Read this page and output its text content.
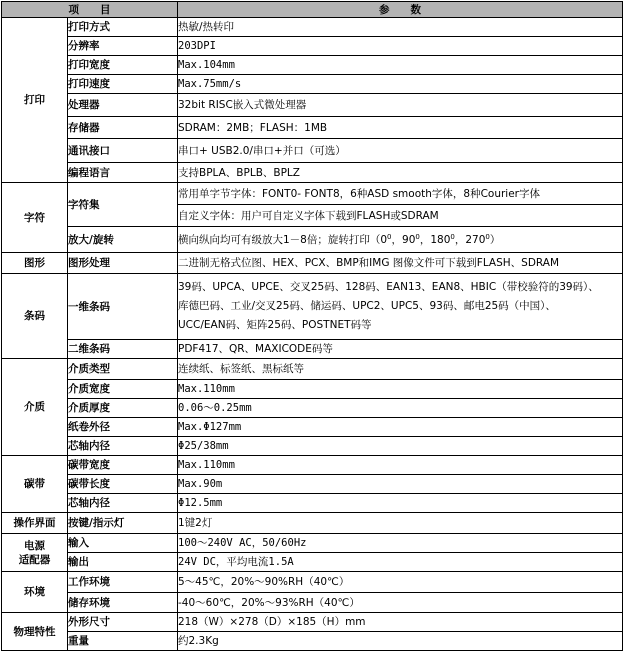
项　　目		参　　数
打印	打印方式	热敏/热转印
	分辨率	203DPI
	打印宽度	Max.104mm
	打印速度	Max.75mm/s
	处理器	32bit RISC嵌入式微处理器
	存储器	SDRAM：2MB；FLASH：1MB
	通讯接口	串口+ USB2.0/串口+并口（可选）
	编程语言	支持BPLA、BPLB、BPLZ
字符	字符集	常用单字节字体：FONT0- FONT8，6种ASD smooth字体，8种Courier字体
		自定义字体：用户可自定义字体下载到FLASH或SDRAM
	放大/旋转	横向纵向均可有级放大1－8倍；旋转打印（$0^0$，$90^0$，$180^0$，$270^0$）
图形	图形处理	二进制无格式位图、HEX、PCX、BMP和IMG 图像文件可下载到FLASH、SDRAM
条码	一维条码	39码、UPCA、UPCE、交叉25码、128码、EAN13、EAN8、HBIC（带校验符的39码）、
库德巴码、工业/交叉25码、储运码、UPC2、UPC5、93码、邮电25码（中国）、
UCC/EAN码、矩阵25码、POSTNET码等

	二维条码	PDF417、QR、MAXICODE码等
介质	介质类型	连续纸、标签纸、黑标纸等
	介质宽度	Max.110mm
	介质厚度	0.06～0.25mm
	纸卷外径	Max.Φ127mm
	芯轴内径	Φ25/38mm
碳带	碳带宽度	Max.110mm
	碳带长度	Max.90m
	芯轴内径	Φ12.5mm
操作界面	按键/指示灯	1键2灯

电源
适配器	输入	100～240V AC，50/60Hz
	输出	24V DC，平均电流1.5A
环境	工作环境	5～45℃，20%～90%RH（40℃）
	储存环境	-40～60℃，20%～93%RH（40℃）
物理特性	外形尺寸	218（W）×278（D）×185（H）mm
	重量	约2.3Kg
